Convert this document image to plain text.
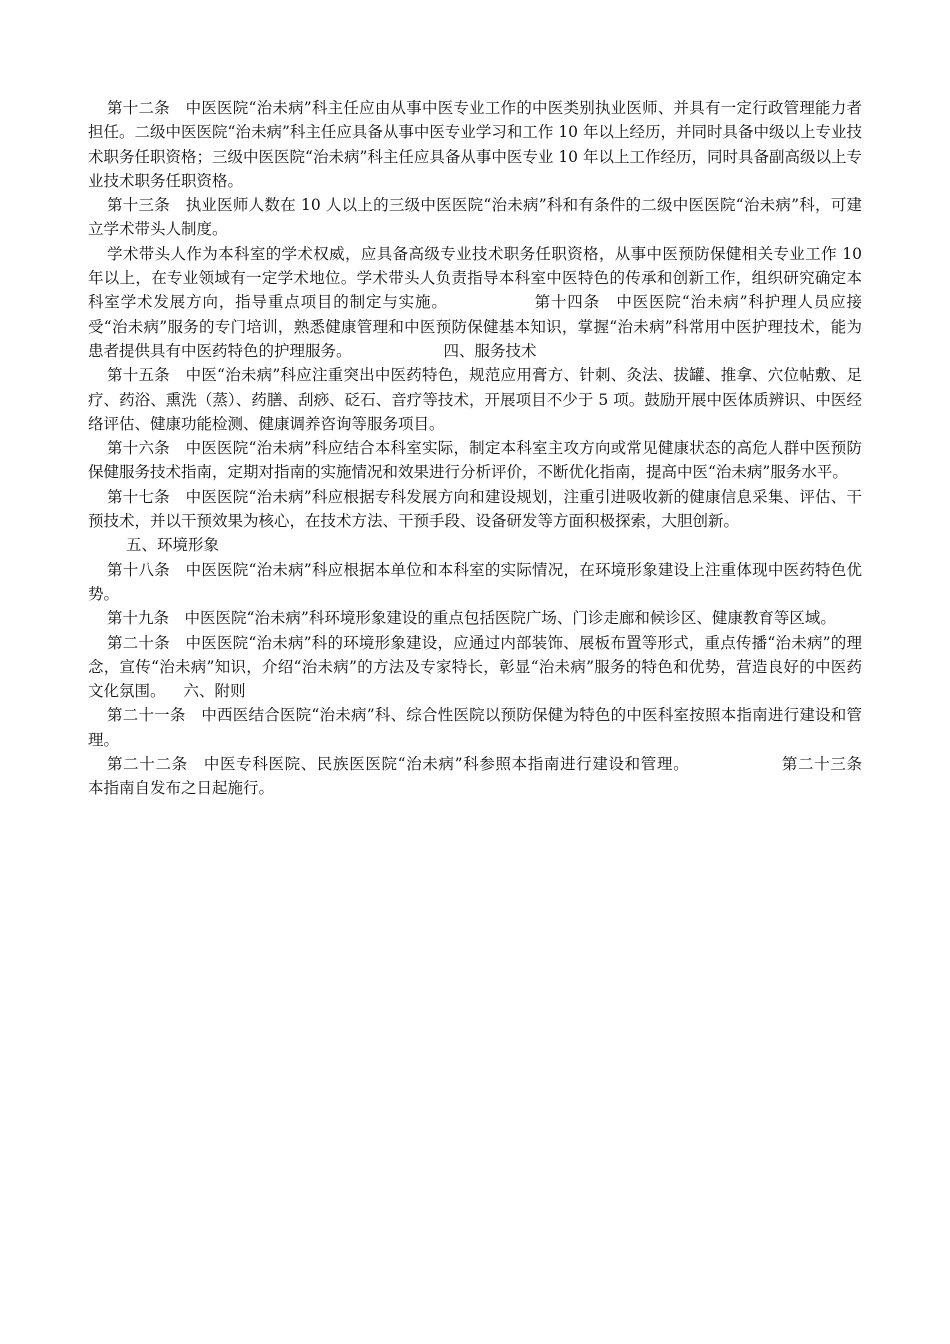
第十二条　中医医院“治未病”科主任应由从事中医专业工作的中医类别执业医师、并具有一定行政管理能力者担任。二级中医医院“治未病”科主任应具备从事中医专业学习和工作 10 年以上经历，并同时具备中级以上专业技术职务任职资格；三级中医医院“治未病”科主任应具备从事中医专业 10 年以上工作经历，同时具备副高级以上专业技术职务任职资格。

第十三条　执业医师人数在 10 人以上的三级中医医院“治未病”科和有条件的二级中医医院“治未病”科，可建立学术带头人制度。

学术带头人作为本科室的学术权威，应具备高级专业技术职务任职资格，从事中医预防保健相关专业工作 10 年以上，在专业领域有一定学术地位。学术带头人负责指导本科室中医特色的传承和创新工作，组织研究确定本科室学术发展方向，指导重点项目的制定与实施。	第十四条　中医医院“治未病”科护理人员应接受“治未病”服务的专门培训，熟悉健康管理和中医预防保健基本知识，掌握“治未病”科常用中医护理技术，能为患者提供具有中医药特色的护理服务。	四、服务技术

第十五条　中医“治未病”科应注重突出中医药特色，规范应用膏方、针刺、灸法、拔罐、推拿、穴位帖敷、足疗、药浴、熏洗（蒸）、药膳、刮痧、砭石、音疗等技术，开展项目不少于 5 项。鼓励开展中医体质辨识、中医经络评估、健康功能检测、健康调养咨询等服务项目。

第十六条　中医医院“治未病”科应结合本科室实际，制定本科室主攻方向或常见健康状态的高危人群中医预防保健服务技术指南，定期对指南的实施情况和效果进行分析评价，不断优化指南，提高中医“治未病”服务水平。

第十七条　中医医院“治未病”科应根据专科发展方向和建设规划，注重引进吸收新的健康信息采集、评估、干预技术，并以干预效果为核心，在技术方法、干预手段、设备研发等方面积极探索，大胆创新。

五、环境形象

第十八条　中医医院“治未病”科应根据本单位和本科室的实际情况，在环境形象建设上注重体现中医药特色优势。

第十九条　中医医院“治未病”科环境形象建设的重点包括医院广场、门诊走廊和候诊区、健康教育等区域。

第二十条　中医医院“治未病”科的环境形象建设，应通过内部装饰、展板布置等形式，重点传播“治未病”的理念，宣传“治未病”知识，介绍“治未病”的方法及专家特长，彰显“治未病”服务的特色和优势，营造良好的中医药文化氛围。 六、附则

第二十一条　中西医结合医院“治未病”科、综合性医院以预防保健为特色的中医科室按照本指南进行建设和管理。

第二十二条　中医专科医院、民族医医院“治未病”科参照本指南进行建设和管理。	第二十三条　本指南自发布之日起施行。
